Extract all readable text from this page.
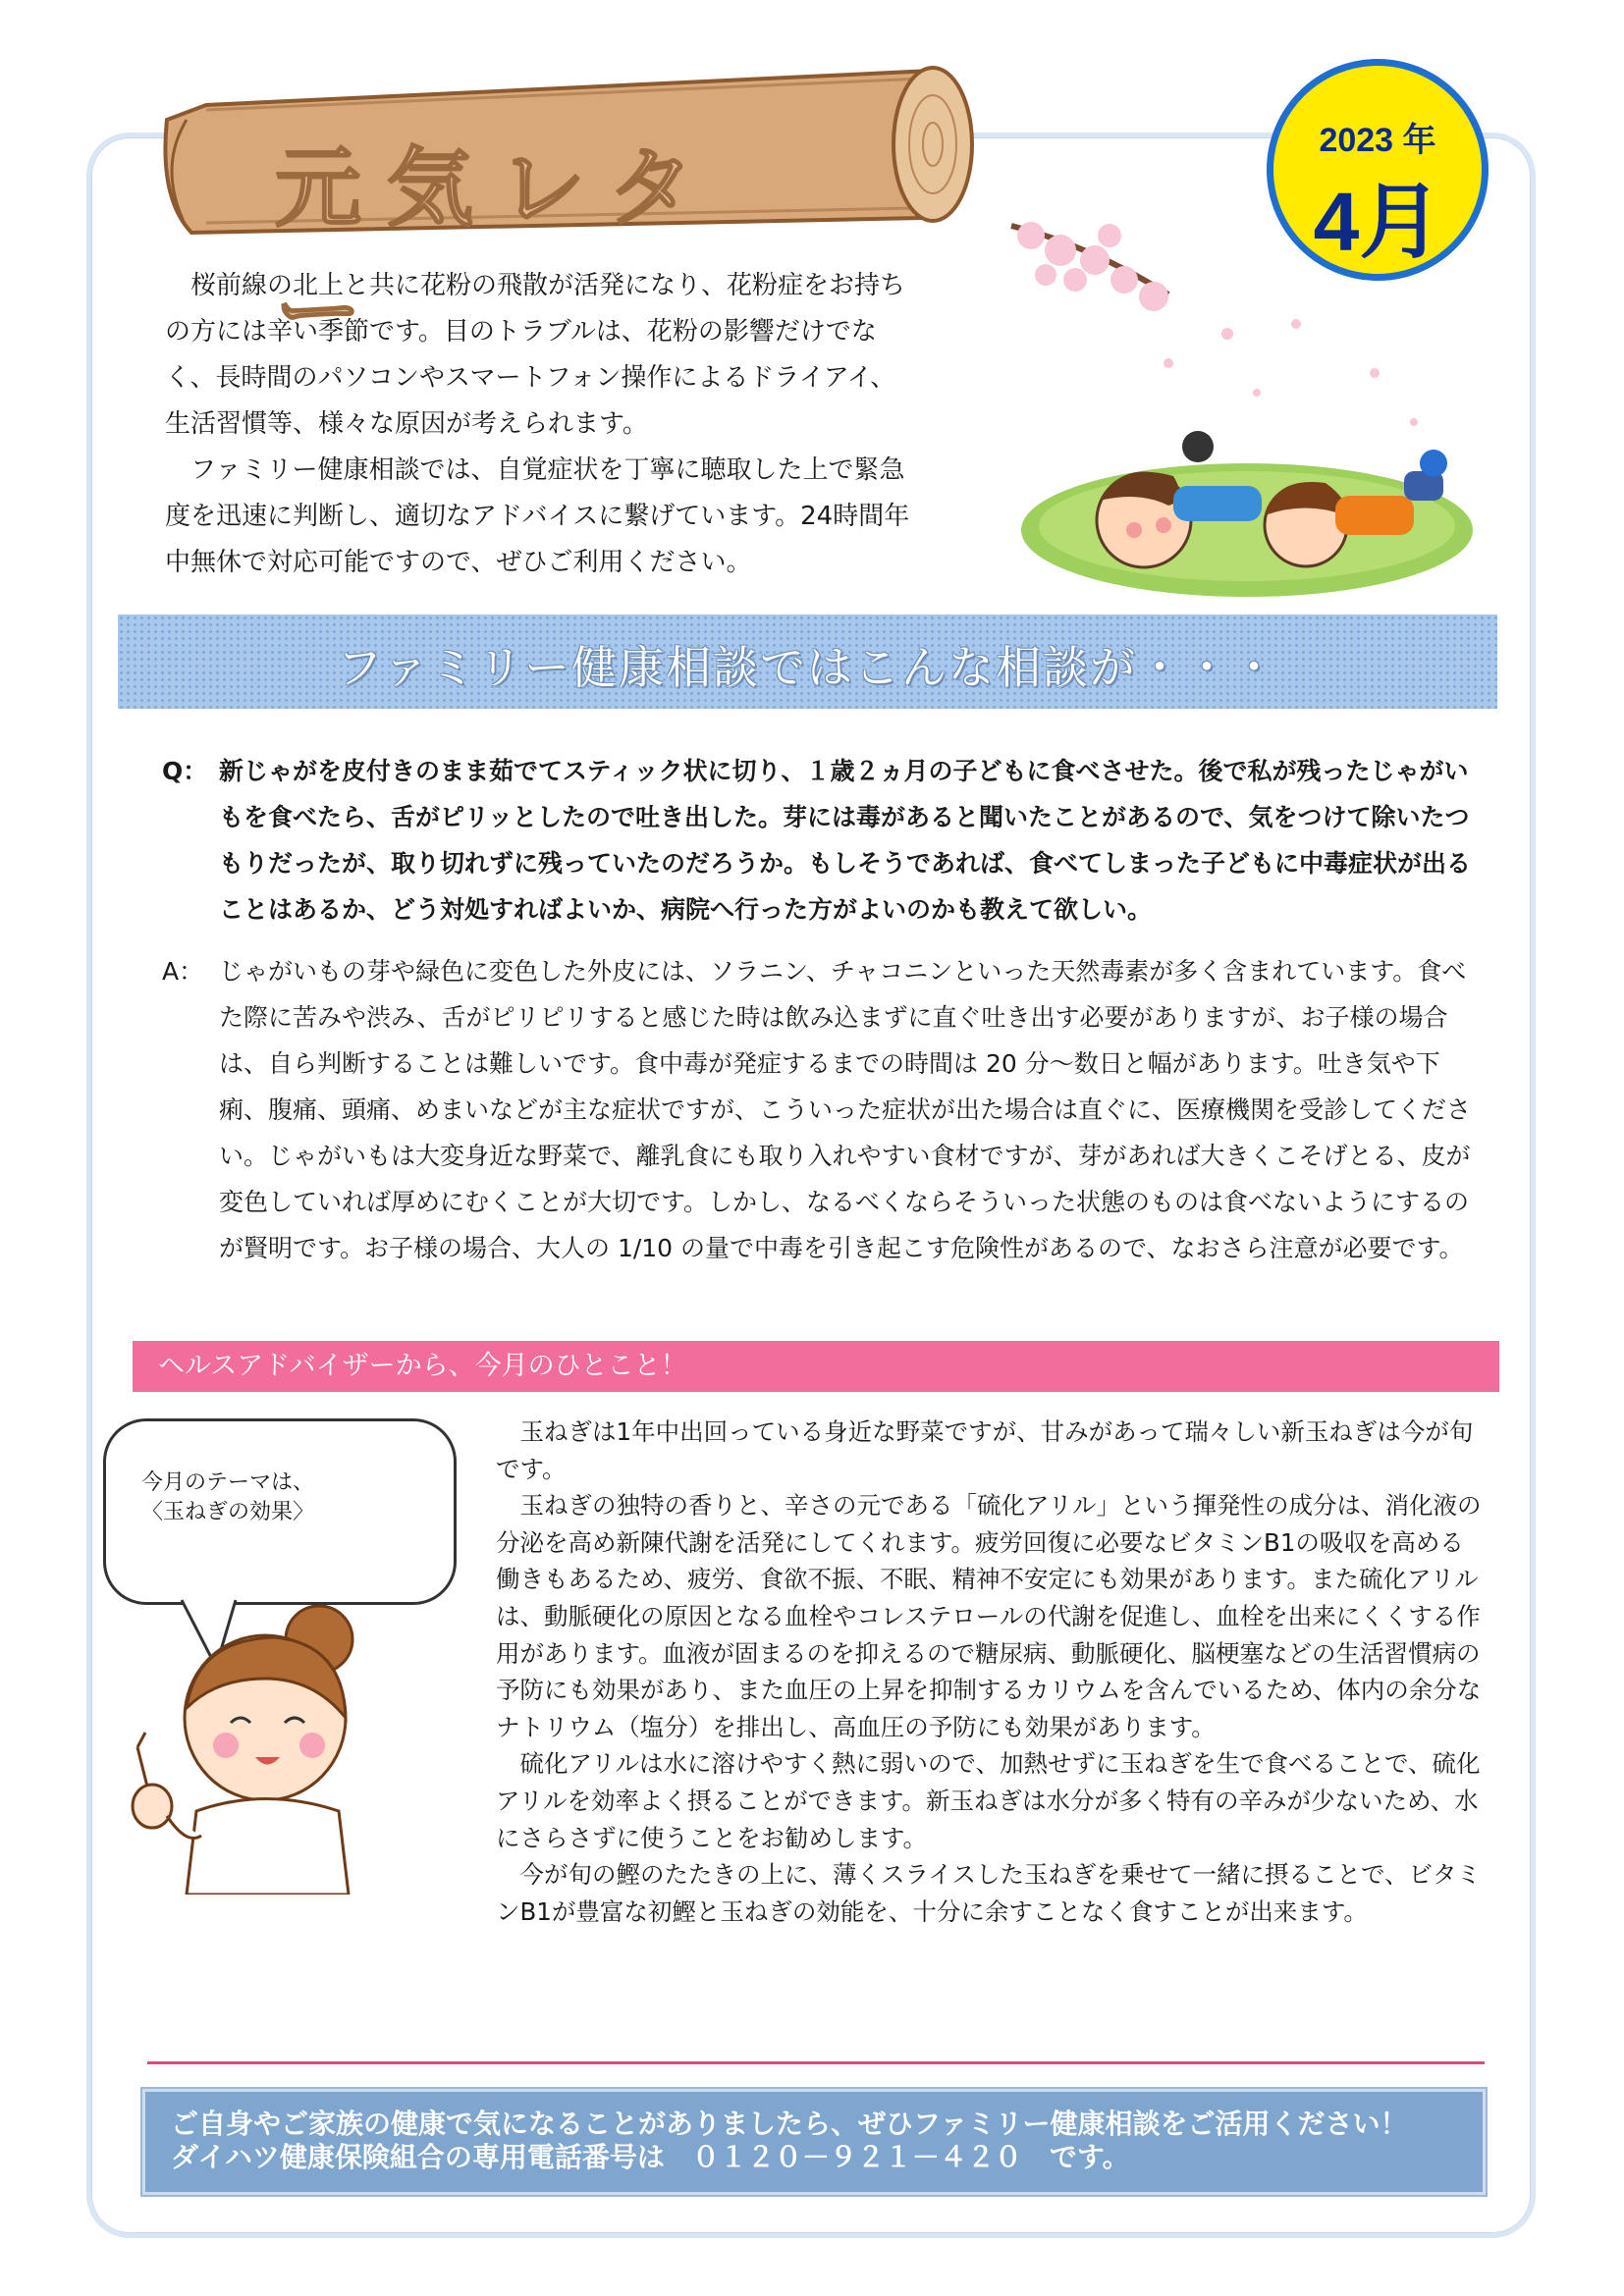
元気レター
2023 年
4月

桜前線の北上と共に花粉の飛散が活発になり、花粉症をお持ちの方には辛い季節です。目のトラブルは、花粉の影響だけでなく、長時間のパソコンやスマートフォン操作によるドライアイ、生活習慣等、様々な原因が考えられます。

ファミリー健康相談では、自覚症状を丁寧に聴取した上で緊急度を迅速に判断し、適切なアドバイスに繋げています。24時間年中無休で対応可能ですので、ぜひご利用ください。

ファミリー健康相談ではこんな相談が・・・
Q： 新じゃがを皮付きのまま茹でてスティック状に切り、１歳２ヵ月の子どもに食べさせた。後で私が残ったじゃがいもを食べたら、舌がピリッとしたので吐き出した。芽には毒があると聞いたことがあるので、気をつけて除いたつもりだったが、取り切れずに残っていたのだろうか。もしそうであれば、食べてしまった子どもに中毒症状が出ることはあるか、どう対処すればよいか、病院へ行った方がよいのかも教えて欲しい。
A： じゃがいもの芽や緑色に変色した外皮には、ソラニン、チャコニンといった天然毒素が多く含まれています。食べた際に苦みや渋み、舌がピリピリすると感じた時は飲み込まずに直ぐ吐き出す必要がありますが、お子様の場合は、自ら判断することは難しいです。食中毒が発症するまでの時間は 20 分～数日と幅があります。吐き気や下痢、腹痛、頭痛、めまいなどが主な症状ですが、こういった症状が出た場合は直ぐに、医療機関を受診してください。じゃがいもは大変身近な野菜で、離乳食にも取り入れやすい食材ですが、芽があれば大きくこそげとる、皮が変色していれば厚めにむくことが大切です。しかし、なるべくならそういった状態のものは食べないようにするのが賢明です。お子様の場合、大人の 1/10 の量で中毒を引き起こす危険性があるので、なおさら注意が必要です。
ヘルスアドバイザーから、今月のひとこと！
今月のテーマは、
〈玉ねぎの効果〉

玉ねぎは1年中出回っている身近な野菜ですが、甘みがあって瑞々しい新玉ねぎは今が旬です。

玉ねぎの独特の香りと、辛さの元である「硫化アリル」という揮発性の成分は、消化液の分泌を高め新陳代謝を活発にしてくれます。疲労回復に必要なビタミンB1の吸収を高める働きもあるため、疲労、食欲不振、不眠、精神不安定にも効果があります。また硫化アリルは、動脈硬化の原因となる血栓やコレステロールの代謝を促進し、血栓を出来にくくする作用があります。血液が固まるのを抑えるので糖尿病、動脈硬化、脳梗塞などの生活習慣病の予防にも効果があり、また血圧の上昇を抑制するカリウムを含んでいるため、体内の余分なナトリウム（塩分）を排出し、高血圧の予防にも効果があります。

硫化アリルは水に溶けやすく熱に弱いので、加熱せずに玉ねぎを生で食べることで、硫化アリルを効率よく摂ることができます。新玉ねぎは水分が多く特有の辛みが少ないため、水にさらさずに使うことをお勧めします。

今が旬の鰹のたたきの上に、薄くスライスした玉ねぎを乗せて一緒に摂ることで、ビタミンB1が豊富な初鰹と玉ねぎの効能を、十分に余すことなく食すことが出来ます。

ご自身やご家族の健康で気になることがありましたら、ぜひファミリー健康相談をご活用ください！
ダイハツ健康保険組合の専用電話番号は　０１２０－９２１－４２０　です。
